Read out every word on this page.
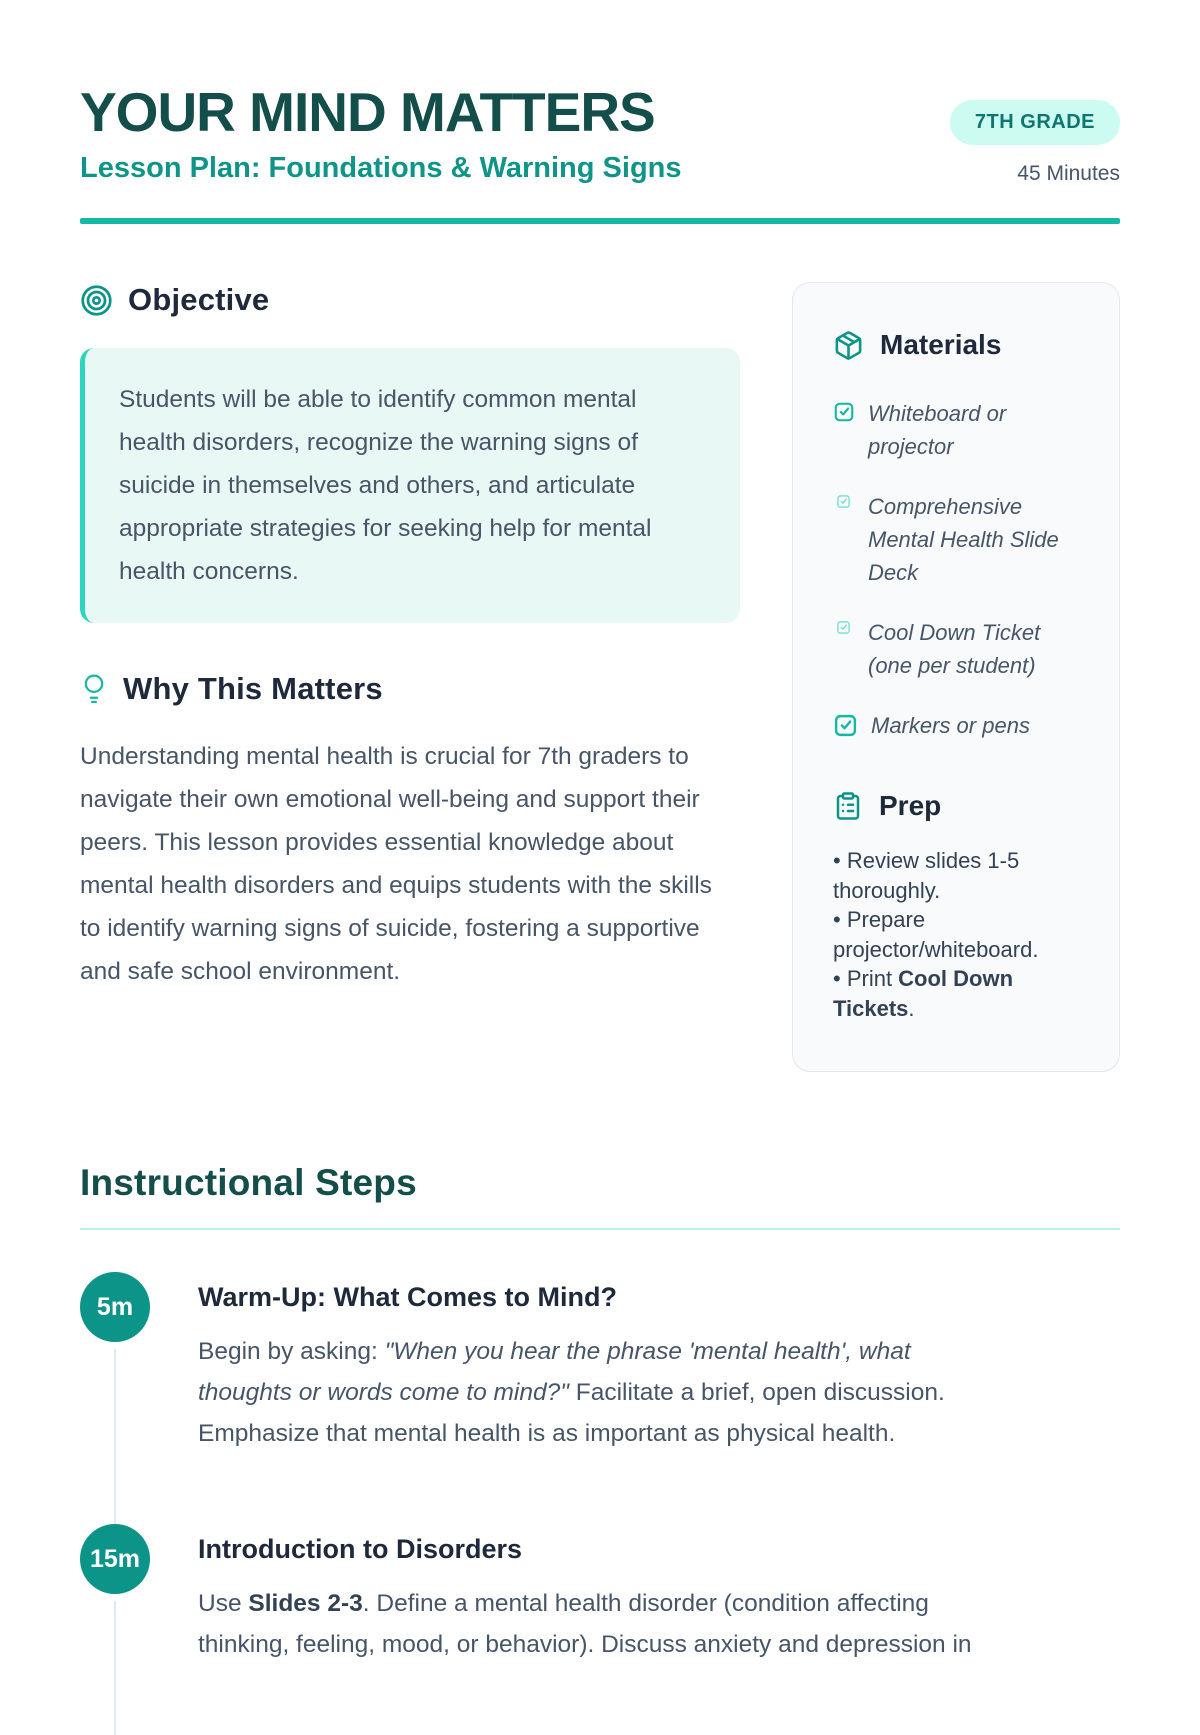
YOUR MIND MATTERS
Lesson Plan: Foundations & Warning Signs
7TH GRADE
45 Minutes
Objective
Students will be able to identify common mental health disorders, recognize the warning signs of suicide in themselves and others, and articulate appropriate strategies for seeking help for mental health concerns.
Why This Matters

Understanding mental health is crucial for 7th graders to navigate their own emotional well-being and support their peers. This lesson provides essential knowledge about mental health disorders and equips students with the skills to identify warning signs of suicide, fostering a supportive and safe school environment.

Materials
Whiteboard or projector
Comprehensive Mental Health Slide Deck
Cool Down Ticket (one per student)
Markers or pens
Prep
• Review slides 1-5 thoroughly.
• Prepare projector/whiteboard.
• Print Cool Down Tickets.
Instructional Steps
5m	Warm-Up: What Comes to Mind?

Begin by asking: "When you hear the phrase 'mental health', what thoughts or words come to mind?" Facilitate a brief, open discussion. Emphasize that mental health is as important as physical health.

15m	Introduction to Disorders

Use Slides 2-3. Define a mental health disorder (condition affecting thinking, feeling, mood, or behavior). Discuss anxiety and depression in
